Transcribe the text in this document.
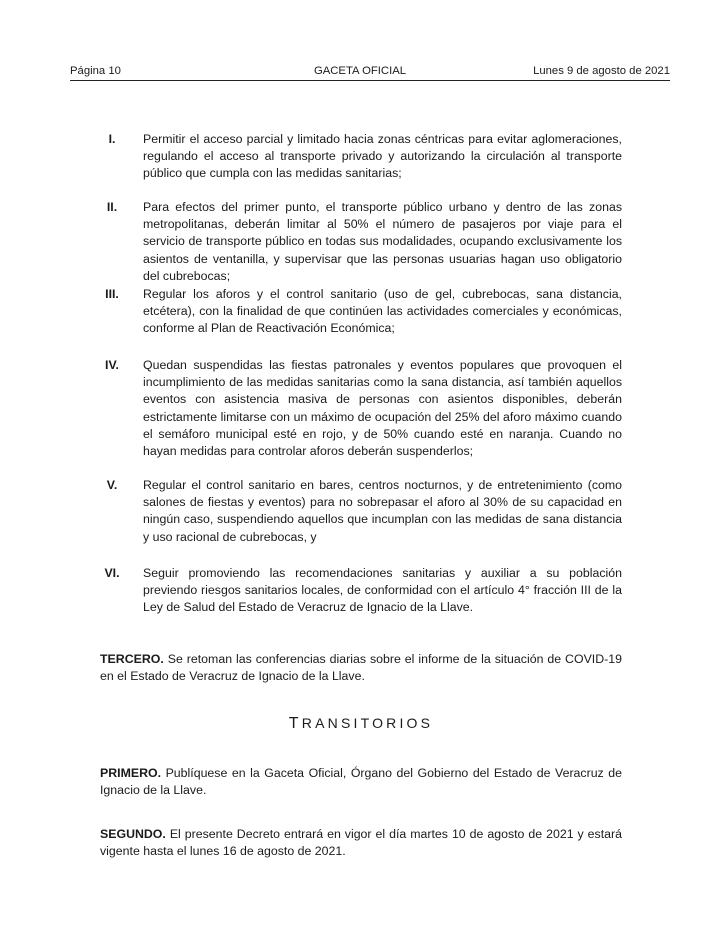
Página 10	GACETA OFICIAL	Lunes 9 de agosto de 2021
I.	Permitir el acceso parcial y limitado hacia zonas céntricas para evitar aglomeraciones, regulando el acceso al transporte privado y autorizando la circulación al transporte público que cumpla con las medidas sanitarias;
II.	Para efectos del primer punto, el transporte público urbano y dentro de las zonas metropolitanas, deberán limitar al 50% el número de pasajeros por viaje para el servicio de transporte público en todas sus modalidades, ocupando exclusivamente los asientos de ventanilla, y supervisar que las personas usuarias hagan uso obligatorio del cubrebocas;
III.	Regular los aforos y el control sanitario (uso de gel, cubrebocas, sana distancia, etcétera), con la finalidad de que continúen las actividades comerciales y económicas, conforme al Plan de Reactivación Económica;
IV.	Quedan suspendidas las fiestas patronales y eventos populares que provoquen el incumplimiento de las medidas sanitarias como la sana distancia, así también aquellos eventos con asistencia masiva de personas con asientos disponibles, deberán estrictamente limitarse con un máximo de ocupación del 25% del aforo máximo cuando el semáforo municipal esté en rojo, y de 50% cuando esté en naranja. Cuando no hayan medidas para controlar aforos deberán suspenderlos;
V.	Regular el control sanitario en bares, centros nocturnos, y de entretenimiento (como salones de fiestas y eventos) para no sobrepasar el aforo al 30% de su capacidad en ningún caso, suspendiendo aquellos que incumplan con las medidas de sana distancia y uso racional de cubrebocas, y
VI.	Seguir promoviendo las recomendaciones sanitarias y auxiliar a su población previendo riesgos sanitarios locales, de conformidad con el artículo 4° fracción III de la Ley de Salud del Estado de Veracruz de Ignacio de la Llave.
TERCERO. Se retoman las conferencias diarias sobre el informe de la situación de COVID-19 en el Estado de Veracruz de Ignacio de la Llave.
TRANSITORIOS
PRIMERO. Publíquese en la Gaceta Oficial, Órgano del Gobierno del Estado de Veracruz de Ignacio de la Llave.
SEGUNDO. El presente Decreto entrará en vigor el día martes 10 de agosto de 2021 y estará vigente hasta el lunes 16 de agosto de 2021.
